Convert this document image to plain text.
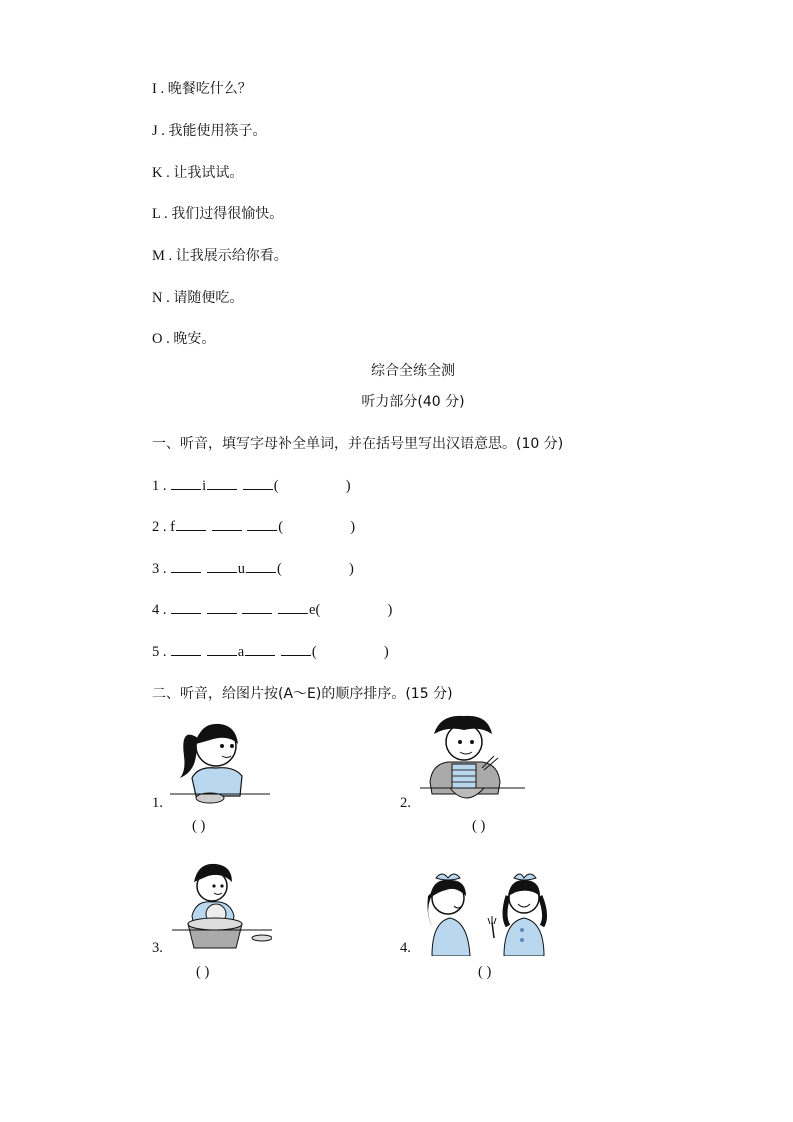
I . 晚餐吃什么？
J . 我能使用筷子。
K . 让我试试。
L . 我们过得很愉快。
M . 让我展示给你看。
N . 请随便吃。
O . 晚安。
综合全练全测
听力部分(40 分)
一、听音，填写字母补全单词，并在括号里写出汉语意思。(10 分)
1 . i	(	)
2 . f	(	)
3 .	u (	)
4 .	e(	)
5 .	a	(	)
二、听音，给图片按(A～E)的顺序排序。(15 分)
1.
( )
2.
( )
3.
( )
4.
( )
